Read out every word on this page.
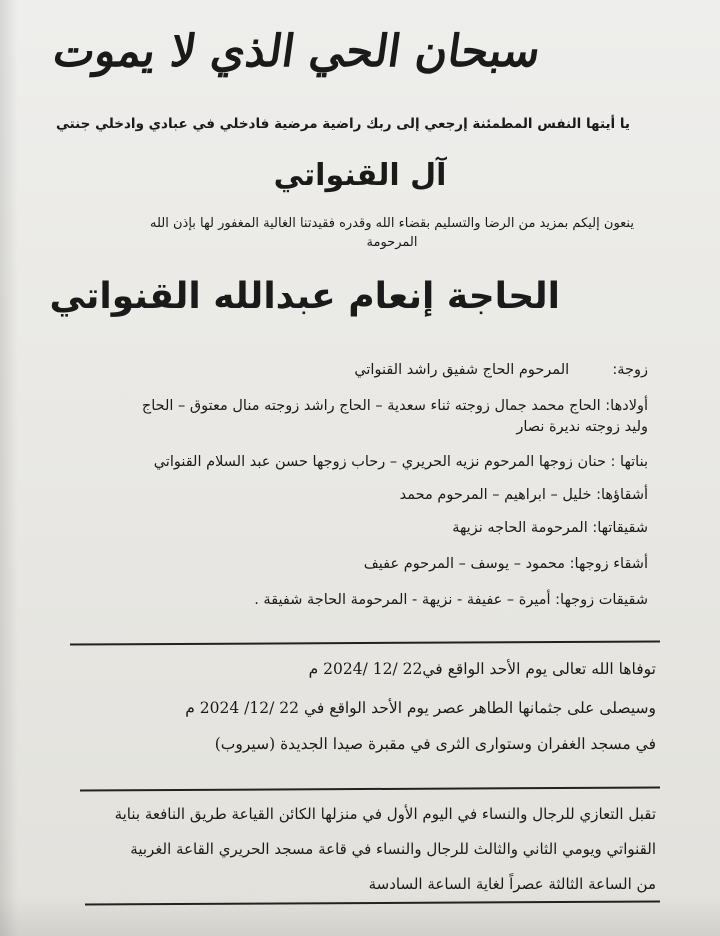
سبحان الحي الذي لا يموت
يا أيتها النفس المطمئنة إرجعي إلى ربك راضية مرضية فادخلي في عبادي وادخلي جنتي
آل القنواتي
ينعون إليكم بمزيد من الرضا والتسليم بقضاء الله وقدره فقيدتنا الغالية المغفور لها بإذن الله
المرحومة
الحاجة إنعام عبدالله القنواتي
زوجة:  المرحوم الحاج شفيق راشد القنواتي
أولادها: الحاج محمد جمال زوجته ثناء سعدية – الحاج راشد زوجته منال معتوق – الحاج
وليد زوجته نديرة نصار
بناتها : حنان زوجها المرحوم نزيه الحريري – رحاب زوجها حسن عبد السلام القنواتي
أشقاؤها: خليل – ابراهيم – المرحوم محمد
شقيقاتها: المرحومة الحاجه نزيهة
أشقاء زوجها: محمود – يوسف – المرحوم عفيف
شقيقات زوجها: أميرة – عفيفة - نزيهة - المرحومة الحاجة شفيقة .
توفاها الله تعالى يوم الأحد الواقع في22 /12 /2024 م
وسيصلى على جثمانها الطاهر عصر يوم الأحد الواقع في 22 /12/ 2024 م
في مسجد الغفران وستوارى الثرى في مقبرة صيدا الجديدة (سيروب)
تقبل التعازي للرجال والنساء في اليوم الأول في منزلها الكائن القياعة طريق النافعة بناية
القنواتي ويومي الثاني والثالث للرجال والنساء في قاعة مسجد الحريري القاعة الغربية
من الساعة الثالثة عصراً لغاية الساعة السادسة
